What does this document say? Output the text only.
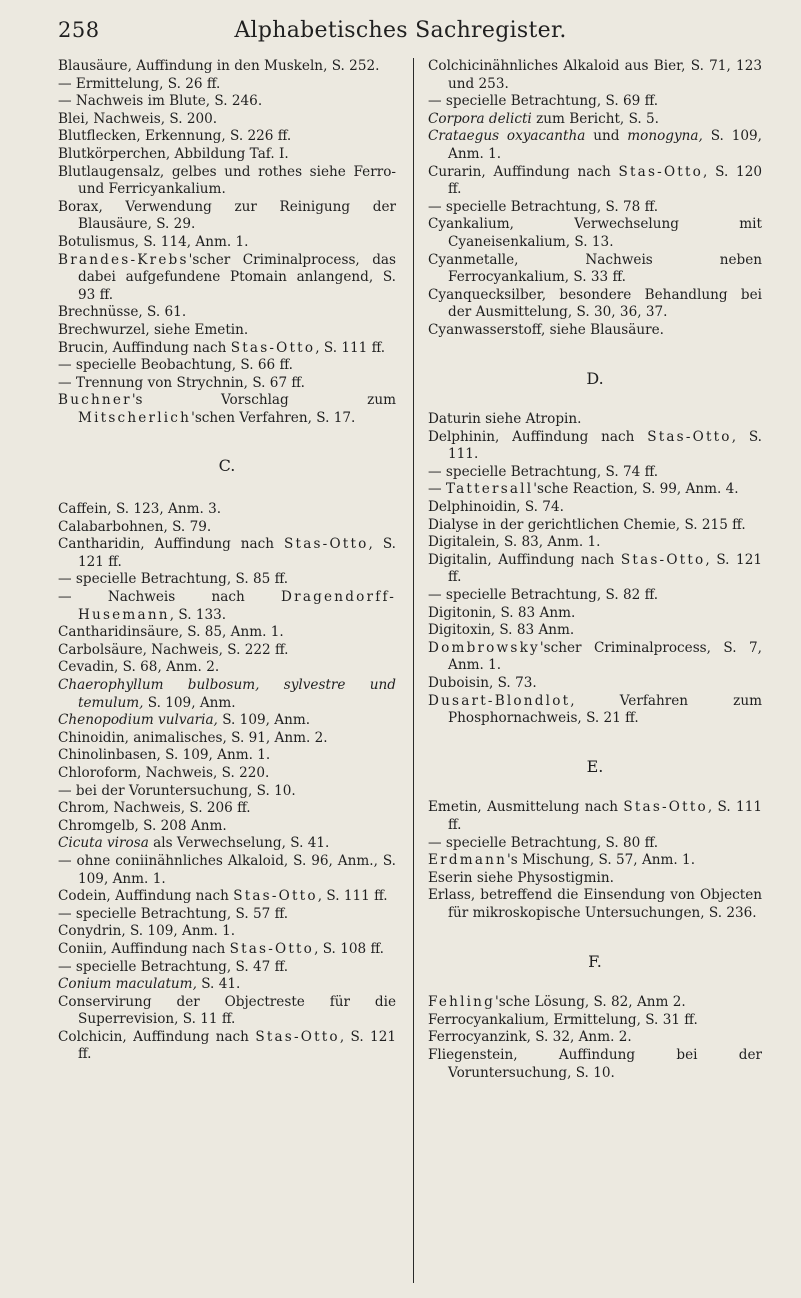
258	Alphabetisches Sachregister.
Blausäure, Auffindung in den Muskeln, S. 252.
— Ermittelung, S. 26 ff.
— Nachweis im Blute, S. 246.
Blei, Nachweis, S. 200.
Blutflecken, Erkennung, S. 226 ff.
Blutkörperchen, Abbildung Taf. I.
Blutlaugensalz, gelbes und rothes siehe Ferro- und Ferricyankalium.
Borax, Verwendung zur Reinigung der Blausäure, S. 29.
Botulismus, S. 114, Anm. 1.
Brandes-Krebs'scher Criminalprocess, das dabei aufgefundene Ptomain anlangend, S. 93 ff.
Brechnüsse, S. 61.
Brechwurzel, siehe Emetin.
Brucin, Auffindung nach Stas-Otto, S. 111 ff.
— specielle Beobachtung, S. 66 ff.
— Trennung von Strychnin, S. 67 ff.
Buchner's Vorschlag zum Mitscherlich'schen Verfahren, S. 17.
C.
Caffein, S. 123, Anm. 3.
Calabarbohnen, S. 79.
Cantharidin, Auffindung nach Stas-Otto, S. 121 ff.
— specielle Betrachtung, S. 85 ff.
— Nachweis nach Dragendorff-Husemann, S. 133.
Cantharidinsäure, S. 85, Anm. 1.
Carbolsäure, Nachweis, S. 222 ff.
Cevadin, S. 68, Anm. 2.
Chaerophyllum bulbosum, sylvestre und temulum, S. 109, Anm.
Chenopodium vulvaria, S. 109, Anm.
Chinoidin, animalisches, S. 91, Anm. 2.
Chinolinbasen, S. 109, Anm. 1.
Chloroform, Nachweis, S. 220.
— bei der Voruntersuchung, S. 10.
Chrom, Nachweis, S. 206 ff.
Chromgelb, S. 208 Anm.
Cicuta virosa als Verwechselung, S. 41.
— ohne coniinähnliches Alkaloid, S. 96, Anm., S. 109, Anm. 1.
Codein, Auffindung nach Stas-Otto, S. 111 ff.
— specielle Betrachtung, S. 57 ff.
Conydrin, S. 109, Anm. 1.
Coniin, Auffindung nach Stas-Otto, S. 108 ff.
— specielle Betrachtung, S. 47 ff.
Conium maculatum, S. 41.
Conservirung der Objectreste für die Superrevision, S. 11 ff.
Colchicin, Auffindung nach Stas-Otto, S. 121 ff.
Colchicinähnliches Alkaloid aus Bier, S. 71, 123 und 253.
— specielle Betrachtung, S. 69 ff.
Corpora delicti zum Bericht, S. 5.
Crataegus oxyacantha und monogyna, S. 109, Anm. 1.
Curarin, Auffindung nach Stas-Otto, S. 120 ff.
— specielle Betrachtung, S. 78 ff.
Cyankalium, Verwechselung mit Cyaneisenkalium, S. 13.
Cyanmetalle, Nachweis neben Ferrocyankalium, S. 33 ff.
Cyanquecksilber, besondere Behandlung bei der Ausmittelung, S. 30, 36, 37.
Cyanwasserstoff, siehe Blausäure.
D.
Daturin siehe Atropin.
Delphinin, Auffindung nach Stas-Otto, S. 111.
— specielle Betrachtung, S. 74 ff.
— Tattersall'sche Reaction, S. 99, Anm. 4.
Delphinoidin, S. 74.
Dialyse in der gerichtlichen Chemie, S. 215 ff.
Digitalein, S. 83, Anm. 1.
Digitalin, Auffindung nach Stas-Otto, S. 121 ff.
— specielle Betrachtung, S. 82 ff.
Digitonin, S. 83 Anm.
Digitoxin, S. 83 Anm.
Dombrowsky'scher Criminalprocess, S. 7, Anm. 1.
Duboisin, S. 73.
Dusart-Blondlot, Verfahren zum Phosphornachweis, S. 21 ff.
E.
Emetin, Ausmittelung nach Stas-Otto, S. 111 ff.
— specielle Betrachtung, S. 80 ff.
Erdmann's Mischung, S. 57, Anm. 1.
Eserin siehe Physostigmin.
Erlass, betreffend die Einsendung von Objecten für mikroskopische Untersuchungen, S. 236.
F.
Fehling'sche Lösung, S. 82, Anm 2.
Ferrocyankalium, Ermittelung, S. 31 ff.
Ferrocyanzink, S. 32, Anm. 2.
Fliegenstein, Auffindung bei der Voruntersuchung, S. 10.
